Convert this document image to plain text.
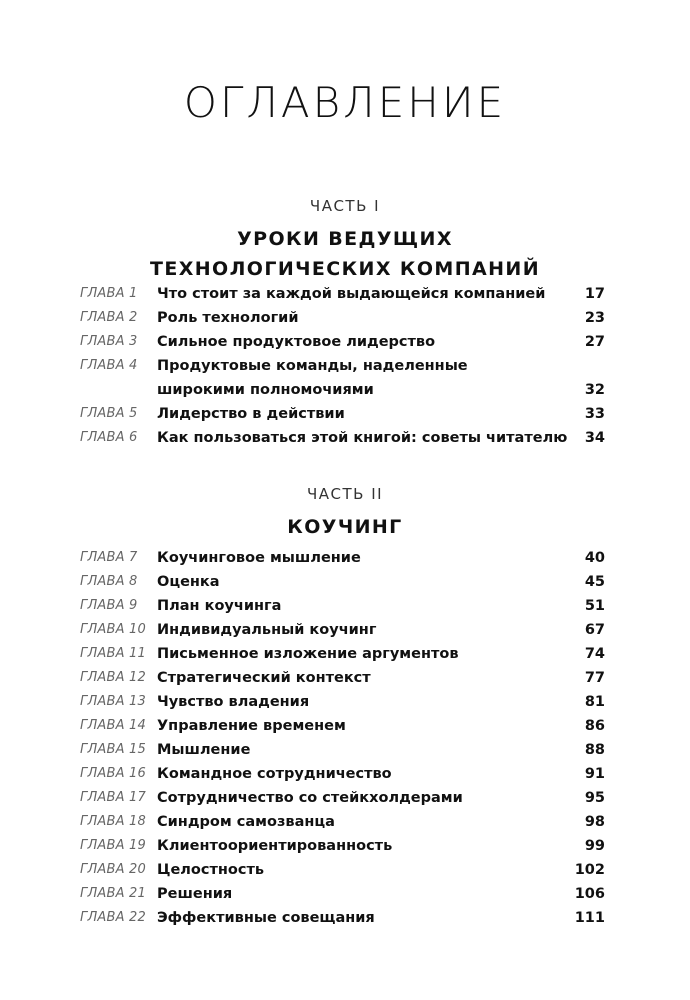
ОГЛАВЛЕНИЕ
ЧАСТЬ I
УРОКИ ВЕДУЩИХ
ТЕХНОЛОГИЧЕСКИХ КОМПАНИЙ
ГЛАВА 1 Что стоит за каждой выдающейся компанией	17
ГЛАВА 2 Роль технологий	23
ГЛАВА 3 Сильное продуктовое лидерство	27
ГЛАВА 4 Продуктовые команды, наделенные
широкими полномочиями	32
ГЛАВА 5 Лидерство в действии	33
ГЛАВА 6 Как пользоваться этой книгой: советы читателю	34
ЧАСТЬ II
КОУЧИНГ
ГЛАВА 7 Коучинговое мышление	40
ГЛАВА 8 Оценка	45
ГЛАВА 9 План коучинга	51
ГЛАВА 10 Индивидуальный коучинг	67
ГЛАВА 11 Письменное изложение аргументов	74
ГЛАВА 12 Стратегический контекст	77
ГЛАВА 13 Чувство владения	81
ГЛАВА 14 Управление временем	86
ГЛАВА 15 Мышление	88
ГЛАВА 16 Командное сотрудничество	91
ГЛАВА 17 Сотрудничество со стейкхолдерами	95
ГЛАВА 18 Синдром самозванца	98
ГЛАВА 19 Клиентоориентированность	99
ГЛАВА 20 Целостность	102
ГЛАВА 21 Решения	106
ГЛАВА 22 Эффективные совещания	111
